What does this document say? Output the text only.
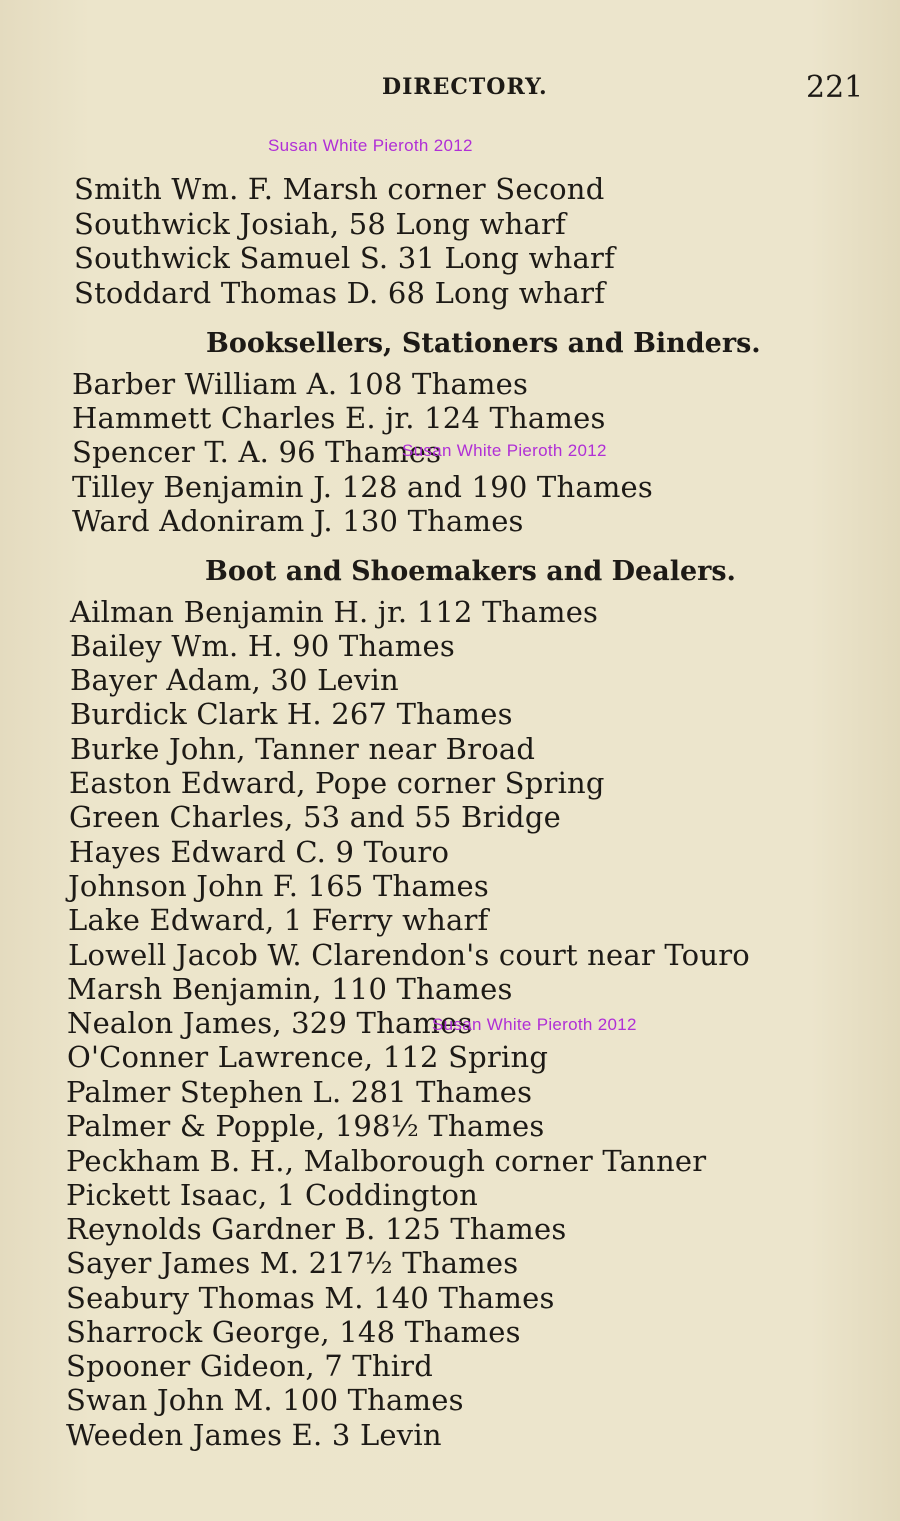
DIRECTORY.	221
Susan White Pieroth 2012
Smith Wm. F. Marsh corner Second
Southwick Josiah, 58 Long wharf
Southwick Samuel S. 31 Long wharf
Stoddard Thomas D. 68 Long wharf
Booksellers, Stationers and Binders.
Barber William A. 108 Thames
Hammett Charles E. jr. 124 Thames
Spencer T. A. 96 Thames
Tilley Benjamin J. 128 and 190 Thames
Ward Adoniram J. 130 Thames
Susan White Pieroth 2012
Boot and Shoemakers and Dealers.
Ailman Benjamin H. jr. 112 Thames
Bailey Wm. H. 90 Thames
Bayer Adam, 30 Levin
Burdick Clark H. 267 Thames
Burke John, Tanner near Broad
Easton Edward, Pope corner Spring
Green Charles, 53 and 55 Bridge
Hayes Edward C. 9 Touro
Johnson John F. 165 Thames
Lake Edward, 1 Ferry wharf
Lowell Jacob W. Clarendon's court near Touro
Marsh Benjamin, 110 Thames
Nealon James, 329 Thames
O'Conner Lawrence, 112 Spring
Palmer Stephen L. 281 Thames
Palmer & Popple, 198½ Thames
Peckham B. H., Malborough corner Tanner
Pickett Isaac, 1 Coddington
Reynolds Gardner B. 125 Thames
Sayer James M. 217½ Thames
Seabury Thomas M. 140 Thames
Sharrock George, 148 Thames
Spooner Gideon, 7 Third
Swan John M. 100 Thames
Weeden James E. 3 Levin
Susan White Pieroth 2012
